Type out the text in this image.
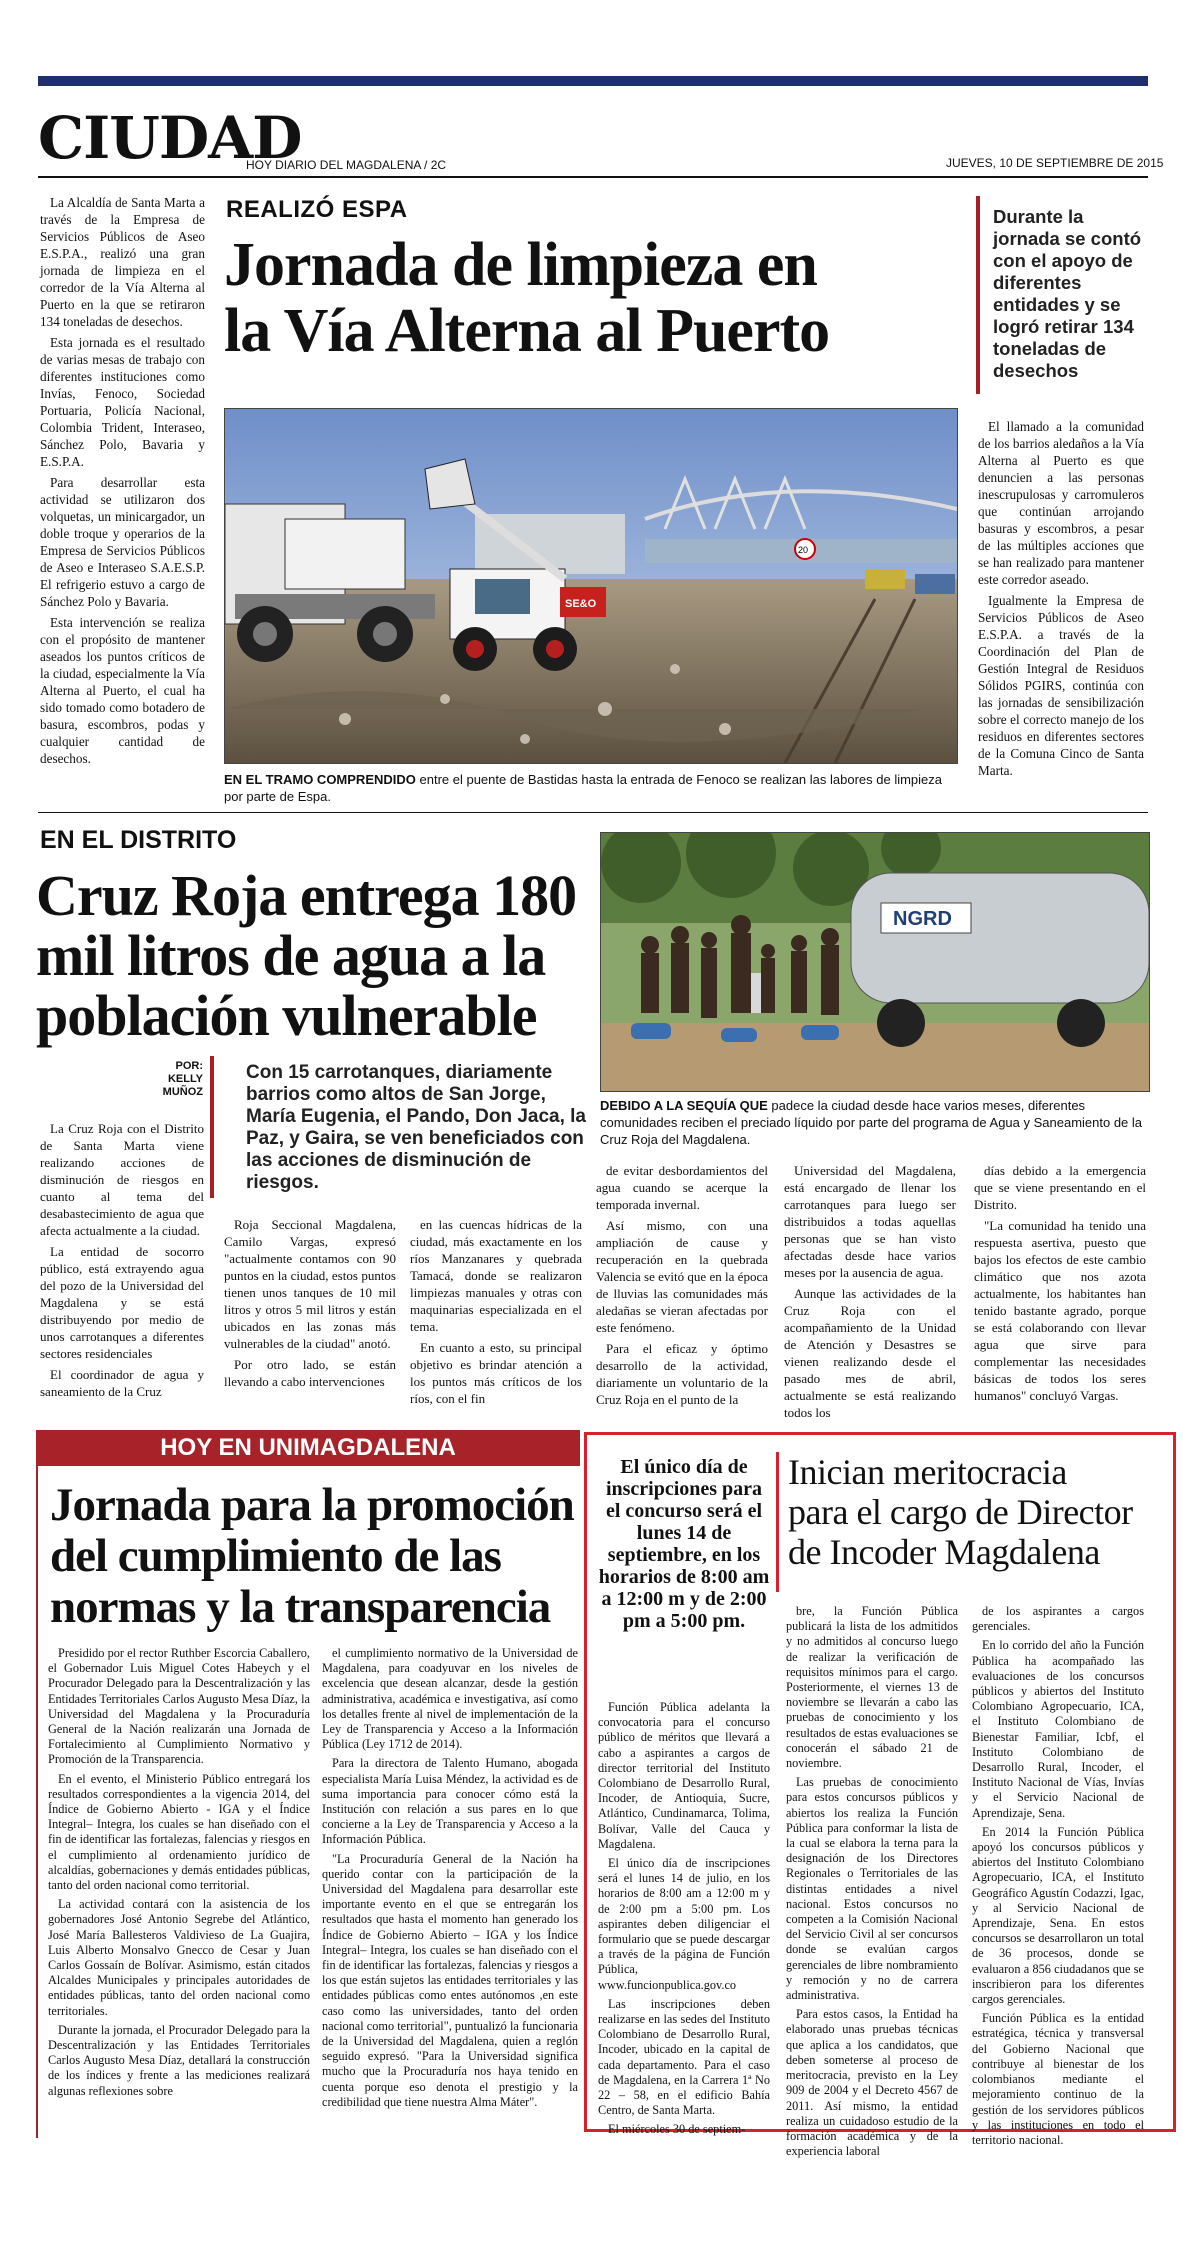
CIUDAD
HOY DIARIO DEL MAGDALENA / 2C	JUEVES, 10 DE SEPTIEMBRE DE 2015

La Alcaldía de Santa Marta a través de la Empresa de Servicios Públicos de Aseo E.S.P.A., realizó una gran jornada de limpieza en el corredor de la Vía Alterna al Puerto en la que se retiraron 134 toneladas de desechos.

Esta jornada es el resultado de varias mesas de trabajo con diferentes instituciones como Invías, Fenoco, Sociedad Portuaria, Policía Nacional, Colombia Trident, Interaseo, Sánchez Polo, Bavaria y E.S.P.A.

Para desarrollar esta actividad se utilizaron dos volquetas, un minicargador, un doble troque y operarios de la Empresa de Servicios Públicos de Aseo e Interaseo S.A.E.S.P. El refrigerio estuvo a cargo de Sánchez Polo y Bavaria.

Esta intervención se realiza con el propósito de mantener aseados los puntos críticos de la ciudad, especialmente la Vía Alterna al Puerto, el cual ha sido tomado como botadero de basura, escombros, podas y cualquier cantidad de desechos.

REALIZÓ ESPA
Jornada de limpieza en
la Vía Alterna al Puerto
Durante la jornada se contó con el apoyo de diferentes entidades y se logró retirar 134 toneladas de desechos

El llamado a la comunidad de los barrios aledaños a la Vía Alterna al Puerto es que denuncien a las personas inescrupulosas y carromuleros que continúan arrojando basuras y escombros, a pesar de las múltiples acciones que se han realizado para mantener este corredor aseado.

Igualmente la Empresa de Servicios Públicos de Aseo E.S.P.A. a través de la Coordinación del Plan de Gestión Integral de Residuos Sólidos PGIRS, continúa con las jornadas de sensibilización sobre el correcto manejo de los residuos en diferentes sectores de la Comuna Cinco de Santa Marta.

SE&O
20
EN EL TRAMO COMPRENDIDO entre el puente de Bastidas hasta la entrada de Fenoco se realizan las labores de limpieza por parte de Espa.
EN EL DISTRITO
Cruz Roja entrega 180
mil litros de agua a la
población vulnerable
POR:
KELLY
MUÑOZ
Con 15 carrotanques, diariamente barrios como altos de San Jorge, María Eugenia, el Pando, Don Jaca, la Paz, y Gaira, se ven beneficiados con las acciones de disminución de riesgos.
NGRD
DEBIDO A LA SEQUÍA QUE padece la ciudad desde hace varios meses, diferentes comunidades reciben el preciado líquido por parte del programa de Agua y Saneamiento de la Cruz Roja del Magdalena.

La Cruz Roja con el Distrito de Santa Marta viene realizando acciones de disminución de riesgos en cuanto al tema del desabastecimiento de agua que afecta actualmente a la ciudad.

La entidad de socorro público, está extrayendo agua del pozo de la Universidad del Magdalena y se está distribuyendo por medio de unos carrotanques a diferentes sectores residenciales

El coordinador de agua y saneamiento de la Cruz

Roja Seccional Magdalena, Camilo Vargas, expresó "actualmente contamos con 90 puntos en la ciudad, estos puntos tienen unos tanques de 10 mil litros y otros 5 mil litros y están ubicados en las zonas más vulnerables de la ciudad" anotó.

Por otro lado, se están llevando a cabo intervenciones

en las cuencas hídricas de la ciudad, más exactamente en los ríos Manzanares y quebrada Tamacá, donde se realizaron limpiezas manuales y otras con maquinarias especializada en el tema.

En cuanto a esto, su principal objetivo es brindar atención a los puntos más críticos de los ríos, con el fin

de evitar desbordamientos del agua cuando se acerque la temporada invernal.

Así mismo, con una ampliación de cause y recuperación en la quebrada Valencia se evitó que en la época de lluvias las comunidades más aledañas se vieran afectadas por este fenómeno.

Para el eficaz y óptimo desarrollo de la actividad, diariamente un voluntario de la Cruz Roja en el punto de la

Universidad del Magdalena, está encargado de llenar los carrotanques para luego ser distribuidos a todas aquellas personas que se han visto afectadas desde hace varios meses por la ausencia de agua.

Aunque las actividades de la Cruz Roja con el acompañamiento de la Unidad de Atención y Desastres se vienen realizando desde el pasado mes de abril, actualmente se está realizando todos los

días debido a la emergencia que se viene presentando en el Distrito.

"La comunidad ha tenido una respuesta asertiva, puesto que bajos los efectos de este cambio climático que nos azota actualmente, los habitantes han tenido bastante agrado, porque se está colaborando con llevar agua que sirve para complementar las necesidades básicas de todos los seres humanos" concluyó Vargas.

HOY EN UNIMAGDALENA
Jornada para la promoción
del cumplimiento de las
normas y la transparencia

Presidido por el rector Ruthber Escorcia Caballero, el Gobernador Luis Miguel Cotes Habeych y el Procurador Delegado para la Descentralización y las Entidades Territoriales Carlos Augusto Mesa Díaz, la Universidad del Magdalena y la Procuraduría General de la Nación realizarán una Jornada de Fortalecimiento al Cumplimiento Normativo y Promoción de la Transparencia.

En el evento, el Ministerio Público entregará los resultados correspondientes a la vigencia 2014, del Índice de Gobierno Abierto - IGA y el Índice Integral– Integra, los cuales se han diseñado con el fin de identificar las fortalezas, falencias y riesgos en el cumplimiento al ordenamiento jurídico de alcaldías, gobernaciones y demás entidades públicas, tanto del orden nacional como territorial.

La actividad contará con la asistencia de los gobernadores José Antonio Segrebe del Atlántico, José María Ballesteros Valdivieso de La Guajira, Luis Alberto Monsalvo Gnecco de Cesar y Juan Carlos Gossaín de Bolívar. Asimismo, están citados Alcaldes Municipales y principales autoridades de entidades públicas, tanto del orden nacional como territoriales.

Durante la jornada, el Procurador Delegado para la Descentralización y las Entidades Territoriales Carlos Augusto Mesa Díaz, detallará la construcción de los índices y frente a las mediciones realizará algunas reflexiones sobre

el cumplimiento normativo de la Universidad de Magdalena, para coadyuvar en los niveles de excelencia que desean alcanzar, desde la gestión administrativa, académica e investigativa, así como los detalles frente al nivel de implementación de la Ley de Transparencia y Acceso a la Información Pública (Ley 1712 de 2014).

Para la directora de Talento Humano, abogada especialista María Luisa Méndez, la actividad es de suma importancia para conocer cómo está la Institución con relación a sus pares en lo que concierne a la Ley de Transparencia y Acceso a la Información Pública.

"La Procuraduría General de la Nación ha querido contar con la participación de la Universidad del Magdalena para desarrollar este importante evento en el que se entregarán los resultados que hasta el momento han generado los Índice de Gobierno Abierto – IGA y los Índice Integral– Integra, los cuales se han diseñado con el fin de identificar las fortalezas, falencias y riesgos a los que están sujetos las entidades territoriales y las entidades públicas como entes autónomos ,en este caso como las universidades, tanto del orden nacional como territorial", puntualizó la funcionaria de la Universidad del Magdalena, quien a reglón seguido expresó. "Para la Universidad significa mucho que la Procuraduría nos haya tenido en cuenta porque eso denota el prestigio y la credibilidad que tiene nuestra Alma Máter".

El único día de inscripciones para el concurso será el lunes 14 de septiembre, en los horarios de 8:00 am a 12:00 m y de 2:00 pm a 5:00 pm.
Inician meritocracia
para el cargo de Director
de Incoder Magdalena

Función Pública adelanta la convocatoria para el concurso público de méritos que llevará a cabo a aspirantes a cargos de director territorial del Instituto Colombiano de Desarrollo Rural, Incoder, de Antioquia, Sucre, Atlántico, Cundinamarca, Tolima, Bolívar, Valle del Cauca y Magdalena.

El único día de inscripciones será el lunes 14 de julio, en los horarios de 8:00 am a 12:00 m y de 2:00 pm a 5:00 pm. Los aspirantes deben diligenciar el formulario que se puede descargar a través de la página de Función Pública, www.funcionpublica.gov.co

Las inscripciones deben realizarse en las sedes del Instituto Colombiano de Desarrollo Rural, Incoder, ubicado en la capital de cada departamento. Para el caso de Magdalena, en la Carrera 1ª No 22 – 58, en el edificio Bahía Centro, de Santa Marta.

El miércoles 30 de septiem-

bre, la Función Pública publicará la lista de los admitidos y no admitidos al concurso luego de realizar la verificación de requisitos mínimos para el cargo. Posteriormente, el viernes 13 de noviembre se llevarán a cabo las pruebas de conocimiento y los resultados de estas evaluaciones se conocerán el sábado 21 de noviembre.

Las pruebas de conocimiento para estos concursos públicos y abiertos los realiza la Función Pública para conformar la lista de la cual se elabora la terna para la designación de los Directores Regionales o Territoriales de las distintas entidades a nivel nacional. Estos concursos no competen a la Comisión Nacional del Servicio Civil al ser concursos donde se evalúan cargos gerenciales de libre nombramiento y remoción y no de carrera administrativa.

Para estos casos, la Entidad ha elaborado unas pruebas técnicas que aplica a los candidatos, que deben someterse al proceso de meritocracia, previsto en la Ley 909 de 2004 y el Decreto 4567 de 2011. Así mismo, la entidad realiza un cuidadoso estudio de la formación académica y de la experiencia laboral

de los aspirantes a cargos gerenciales.

En lo corrido del año la Función Pública ha acompañado las evaluaciones de los concursos públicos y abiertos del Instituto Colombiano Agropecuario, ICA, el Instituto Colombiano de Bienestar Familiar, Icbf, el Instituto Colombiano de Desarrollo Rural, Incoder, el Instituto Nacional de Vías, Invías y el Servicio Nacional de Aprendizaje, Sena.

En 2014 la Función Pública apoyó los concursos públicos y abiertos del Instituto Colombiano Agropecuario, ICA, el Instituto Geográfico Agustín Codazzi, Igac, y al Servicio Nacional de Aprendizaje, Sena. En estos concursos se desarrollaron un total de 36 procesos, donde se evaluaron a 856 ciudadanos que se inscribieron para los diferentes cargos gerenciales.

Función Pública es la entidad estratégica, técnica y transversal del Gobierno Nacional que contribuye al bienestar de los colombianos mediante el mejoramiento continuo de la gestión de los servidores públicos y las instituciones en todo el territorio nacional.
